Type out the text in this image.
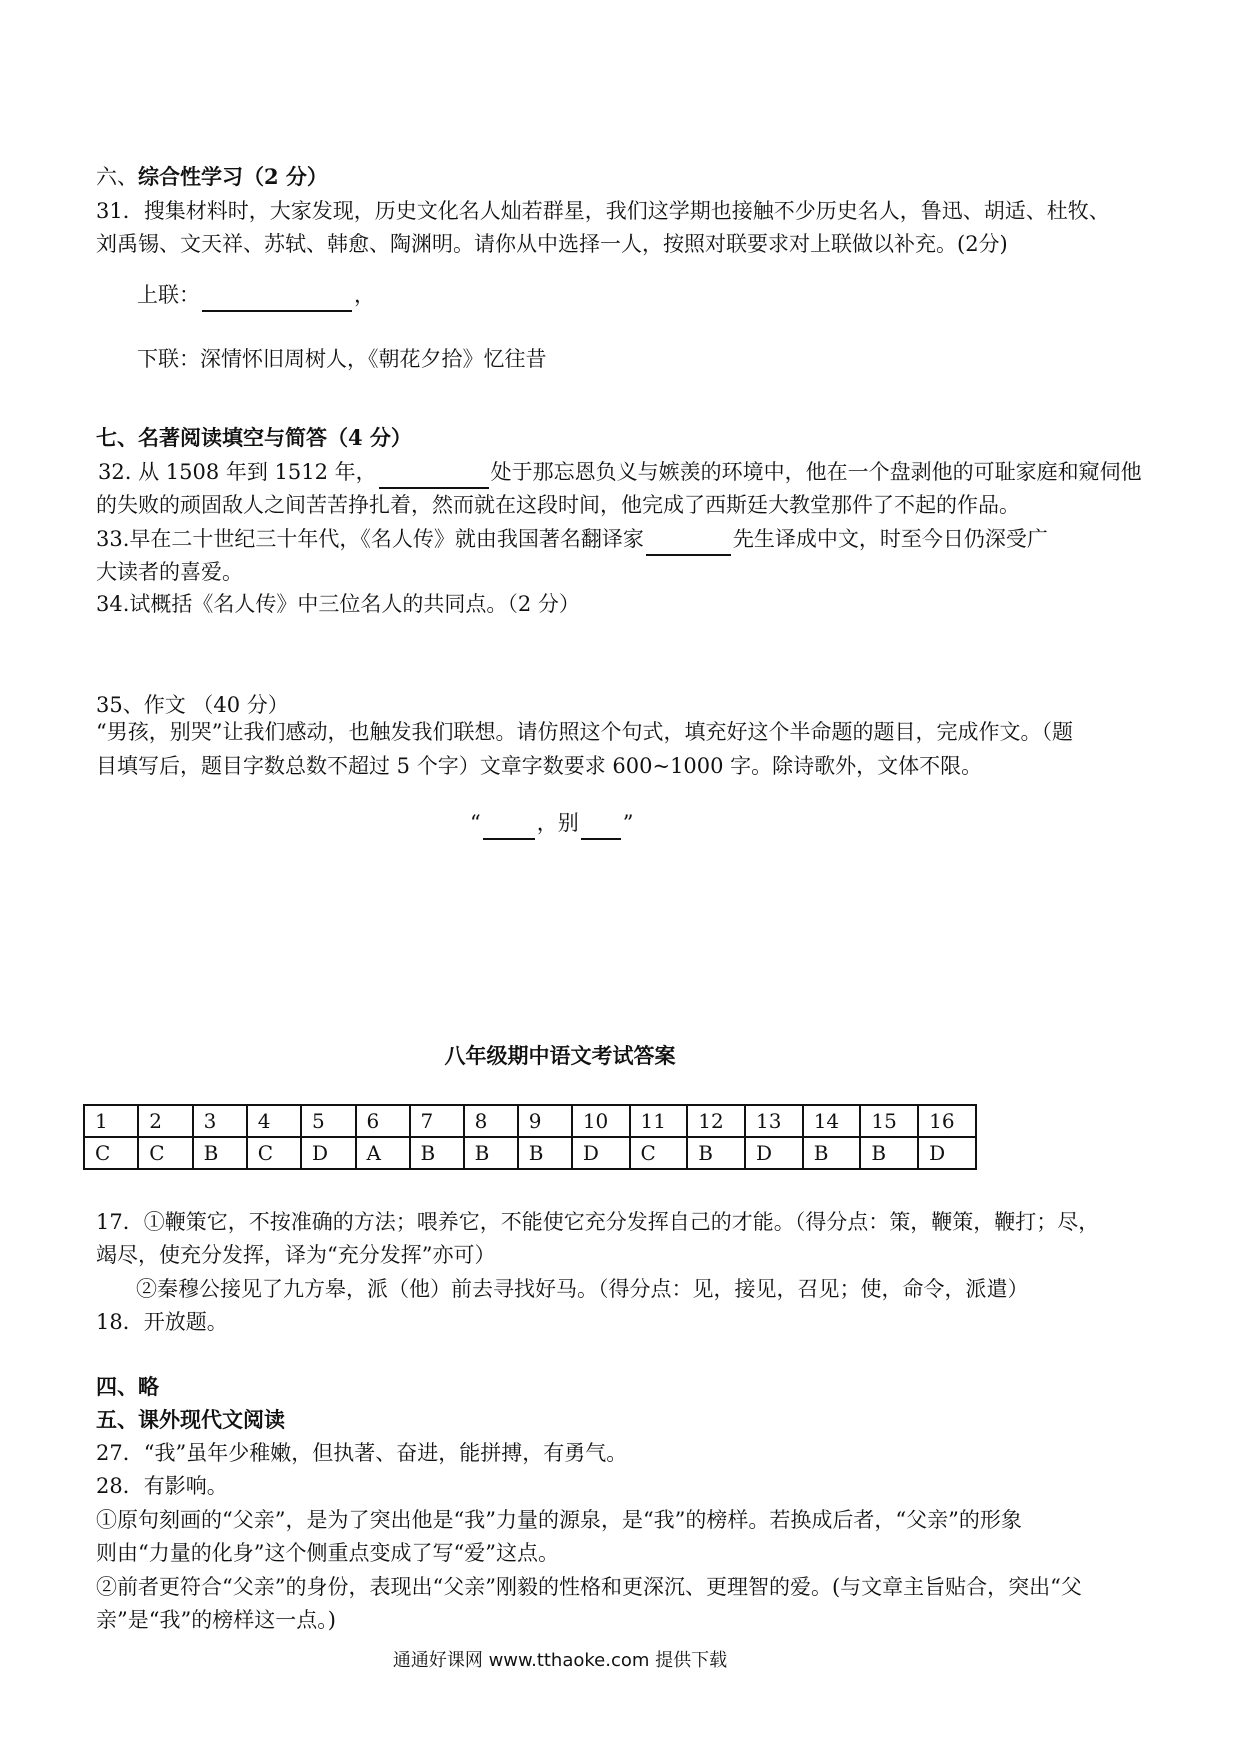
六、综合性学习（2 分）
31．搜集材料时，大家发现，历史文化名人灿若群星，我们这学期也接触不少历史名人，鲁迅、胡适、杜牧、
刘禹锡、文天祥、苏轼、韩愈、陶渊明。请你从中选择一人，按照对联要求对上联做以补充。(2分)
上联：	，
下联：深情怀旧周树人，《朝花夕拾》忆往昔
七、名著阅读填空与简答（4 分）
32. 从 1508 年到 1512 年，	处于那忘恩负义与嫉羡的环境中，他在一个盘剥他的可耻家庭和窥伺他
的失败的顽固敌人之间苦苦挣扎着，然而就在这段时间，他完成了西斯廷大教堂那件了不起的作品。
33.早在二十世纪三十年代，《名人传》就由我国著名翻译家	先生译成中文，时至今日仍深受广
大读者的喜爱。
34.试概括《名人传》中三位名人的共同点。（2 分）
35、作文 （40 分）
“男孩，别哭”让我们感动，也触发我们联想。请仿照这个句式，填充好这个半命题的题目，完成作文。（题
目填写后，题目字数总数不超过 5 个字）文章字数要求 600~1000 字。除诗歌外，文体不限。
“	，别 ”
八年级期中语文考试答案
1	2	3	4	5	6	7	8	9	10	11	12	13	14	15	16
C	C	B	C	D	A	B	B	B	D	C	B	D	B	B	D
17．①鞭策它，不按准确的方法；喂养它，不能使它充分发挥自己的才能。（得分点：策，鞭策，鞭打；尽，
竭尽，使充分发挥，译为“充分发挥”亦可）
②秦穆公接见了九方皋，派（他）前去寻找好马。（得分点：见，接见，召见；使，命令，派遣）
18．开放题。
四、略
五、课外现代文阅读
27．“我”虽年少稚嫩，但执著、奋进，能拼搏，有勇气。
28．有影响。
①原句刻画的“父亲”，是为了突出他是“我”力量的源泉，是“我”的榜样。若换成后者，“父亲”的形象
则由“力量的化身”这个侧重点变成了写“爱”这点。
②前者更符合“父亲”的身份，表现出“父亲”刚毅的性格和更深沉、更理智的爱。(与文章主旨贴合，突出“父
亲”是“我”的榜样这一点。)
通通好课网 www.tthaoke.com 提供下载
